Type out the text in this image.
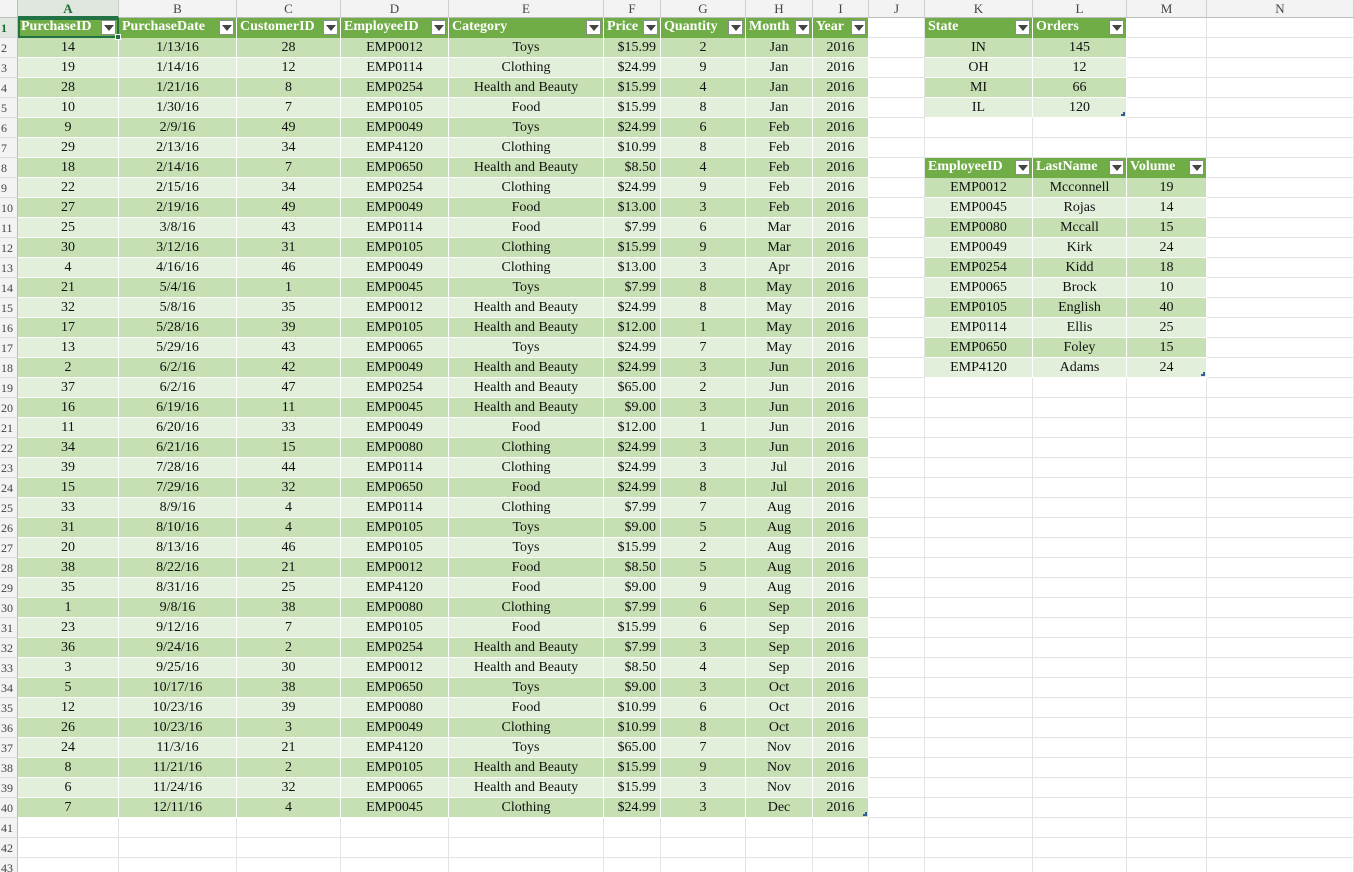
A	B	C	D	E	F	G	H	I	J	K	L	M	N
1
2
3
4
5
6
7
8
9
10
11
12
13
14
15
16
17
18
19
20
21
22
23
24
25
26
27
28
29
30
31
32
33
34
35
36
37
38
39
40
41
42
43
PurchaseID	PurchaseDate	CustomerID	EmployeeID	Category	Price	Quantity	Month	Year
14	1/13/16	28	EMP0012	Toys	$15.99	2	Jan	2016
19	1/14/16	12	EMP0114	Clothing	$24.99	9	Jan	2016
28	1/21/16	8	EMP0254	Health and Beauty	$15.99	4	Jan	2016
10	1/30/16	7	EMP0105	Food	$15.99	8	Jan	2016
9	2/9/16	49	EMP0049	Toys	$24.99	6	Feb	2016
29	2/13/16	34	EMP4120	Clothing	$10.99	8	Feb	2016
18	2/14/16	7	EMP0650	Health and Beauty	$8.50	4	Feb	2016
22	2/15/16	34	EMP0254	Clothing	$24.99	9	Feb	2016
27	2/19/16	49	EMP0049	Food	$13.00	3	Feb	2016
25	3/8/16	43	EMP0114	Food	$7.99	6	Mar	2016
30	3/12/16	31	EMP0105	Clothing	$15.99	9	Mar	2016
4	4/16/16	46	EMP0049	Clothing	$13.00	3	Apr	2016
21	5/4/16	1	EMP0045	Toys	$7.99	8	May	2016
32	5/8/16	35	EMP0012	Health and Beauty	$24.99	8	May	2016
17	5/28/16	39	EMP0105	Health and Beauty	$12.00	1	May	2016
13	5/29/16	43	EMP0065	Toys	$24.99	7	May	2016
2	6/2/16	42	EMP0049	Health and Beauty	$24.99	3	Jun	2016
37	6/2/16	47	EMP0254	Health and Beauty	$65.00	2	Jun	2016
16	6/19/16	11	EMP0045	Health and Beauty	$9.00	3	Jun	2016
11	6/20/16	33	EMP0049	Food	$12.00	1	Jun	2016
34	6/21/16	15	EMP0080	Clothing	$24.99	3	Jun	2016
39	7/28/16	44	EMP0114	Clothing	$24.99	3	Jul	2016
15	7/29/16	32	EMP0650	Food	$24.99	8	Jul	2016
33	8/9/16	4	EMP0114	Clothing	$7.99	7	Aug	2016
31	8/10/16	4	EMP0105	Toys	$9.00	5	Aug	2016
20	8/13/16	46	EMP0105	Toys	$15.99	2	Aug	2016
38	8/22/16	21	EMP0012	Food	$8.50	5	Aug	2016
35	8/31/16	25	EMP4120	Food	$9.00	9	Aug	2016
1	9/8/16	38	EMP0080	Clothing	$7.99	6	Sep	2016
23	9/12/16	7	EMP0105	Food	$15.99	6	Sep	2016
36	9/24/16	2	EMP0254	Health and Beauty	$7.99	3	Sep	2016
3	9/25/16	30	EMP0012	Health and Beauty	$8.50	4	Sep	2016
5	10/17/16	38	EMP0650	Toys	$9.00	3	Oct	2016
12	10/23/16	39	EMP0080	Food	$10.99	6	Oct	2016
26	10/23/16	3	EMP0049	Clothing	$10.99	8	Oct	2016
24	11/3/16	21	EMP4120	Toys	$65.00	7	Nov	2016
8	11/21/16	2	EMP0105	Health and Beauty	$15.99	9	Nov	2016
6	11/24/16	32	EMP0065	Health and Beauty	$15.99	3	Nov	2016
7	12/11/16	4	EMP0045	Clothing	$24.99	3	Dec	2016
State	Orders
IN	145
OH	12
MI	66
IL	120
EmployeeID	LastName	Volume
EMP0012	Mcconnell	19
EMP0045	Rojas	14
EMP0080	Mccall	15
EMP0049	Kirk	24
EMP0254	Kidd	18
EMP0065	Brock	10
EMP0105	English	40
EMP0114	Ellis	25
EMP0650	Foley	15
EMP4120	Adams	24
